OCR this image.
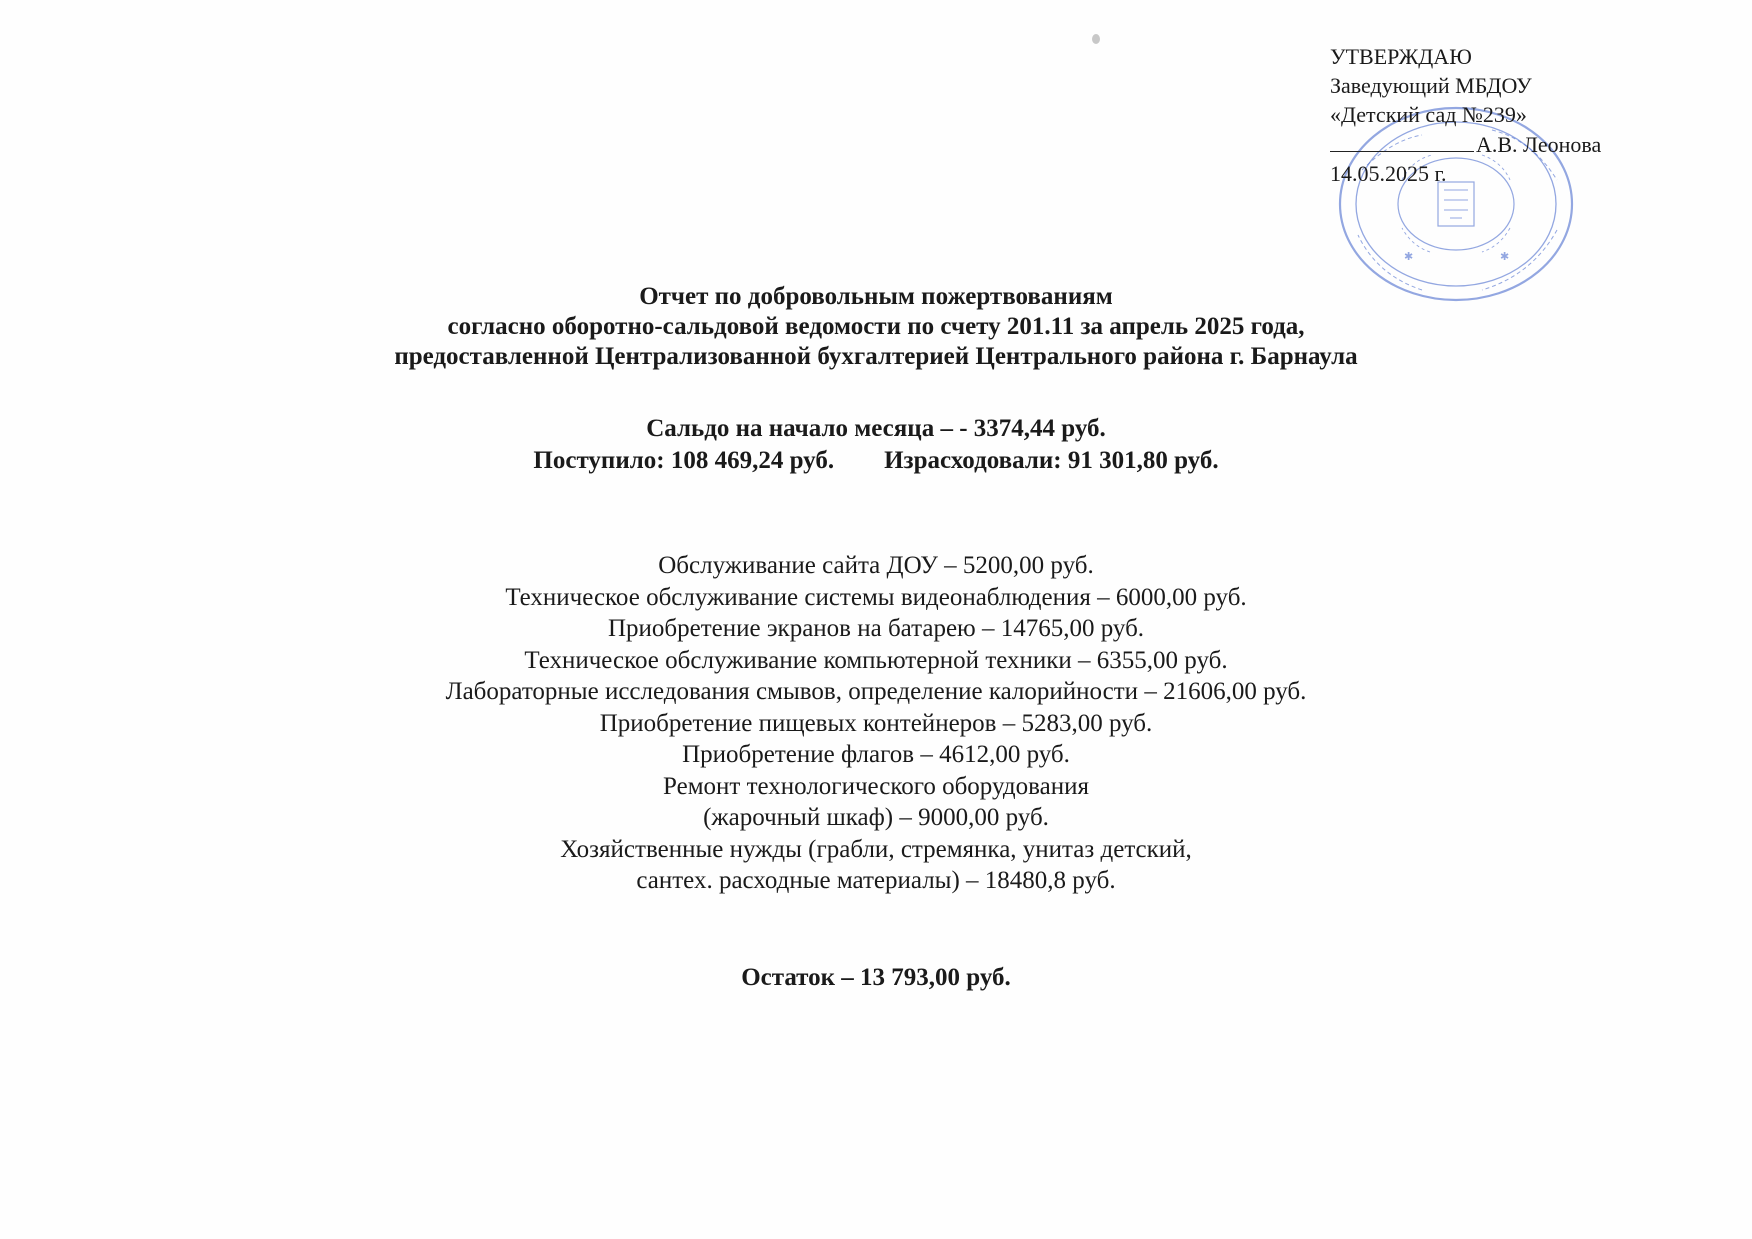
✱	✱
УТВЕРЖДАЮ
Заведующий МБДОУ
«Детский сад №239»
А.В. Леонова
14.05.2025 г.
Отчет по добровольным пожертвованиям
согласно оборотно-сальдовой ведомости по счету 201.11 за апрель 2025 года,
предоставленной Централизованной бухгалтерией Центрального района г. Барнаула
Сальдо на начало месяца – - 3374,44 руб.
Поступило: 108 469,24 руб. Израсходовали: 91 301,80 руб.
Обслуживание сайта ДОУ – 5200,00 руб.
Техническое обслуживание системы видеонаблюдения – 6000,00 руб.
Приобретение экранов на батарею – 14765,00 руб.
Техническое обслуживание компьютерной техники – 6355,00 руб.
Лабораторные исследования смывов, определение калорийности – 21606,00 руб.
Приобретение пищевых контейнеров – 5283,00 руб.
Приобретение флагов – 4612,00 руб.
Ремонт технологического оборудования
(жарочный шкаф) – 9000,00 руб.
Хозяйственные нужды (грабли, стремянка, унитаз детский,
сантех. расходные материалы) – 18480,8 руб.
Остаток – 13 793,00 руб.
